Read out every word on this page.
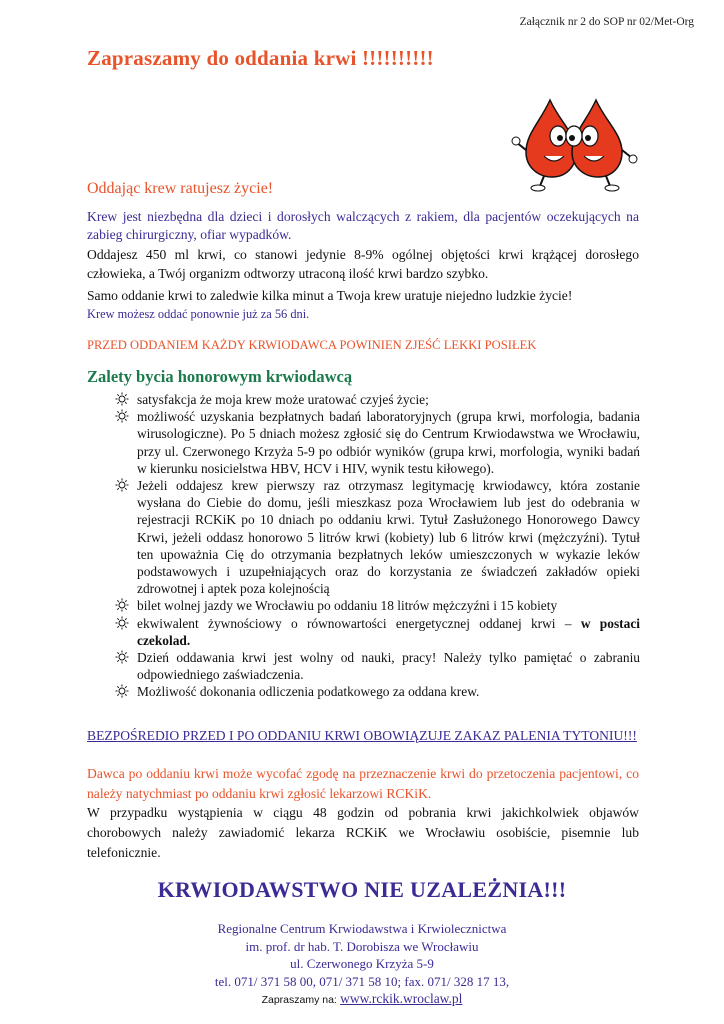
Załącznik nr 2 do SOP nr 02/Met-Org
Zapraszamy do oddania krwi !!!!!!!!!!
Oddając krew ratujesz życie!
Krew jest niezbędna dla dzieci i dorosłych walczących z rakiem, dla pacjentów oczekujących na zabieg chirurgiczny, ofiar wypadków.
Oddajesz 450 ml krwi, co stanowi jedynie 8-9% ogólnej objętości krwi krążącej dorosłego człowieka, a Twój organizm odtworzy utraconą ilość krwi bardzo szybko.
Samo oddanie krwi to zaledwie kilka minut a Twoja krew uratuje niejedno ludzkie życie!
Krew możesz oddać ponownie już za 56 dni.
PRZED ODDANIEM KAŻDY KRWIODAWCA POWINIEN ZJEŚĆ LEKKI POSIŁEK
Zalety bycia honorowym krwiodawcą
satysfakcja że moja krew może uratować czyjeś życie;
możliwość uzyskania bezpłatnych badań laboratoryjnych (grupa krwi, morfologia, badania wirusologiczne). Po 5 dniach możesz zgłosić się do Centrum Krwiodawstwa we Wrocławiu, przy ul. Czerwonego Krzyża 5-9 po odbiór wyników (grupa krwi, morfologia, wyniki badań w kierunku nosicielstwa HBV, HCV i HIV, wynik testu kiłowego).
Jeżeli oddajesz krew pierwszy raz otrzymasz legitymację krwiodawcy, która zostanie wysłana do Ciebie do domu, jeśli mieszkasz poza Wrocławiem lub jest do odebrania w rejestracji RCKiK po 10 dniach po oddaniu krwi. Tytuł Zasłużonego Honorowego Dawcy Krwi, jeżeli oddasz honorowo 5 litrów krwi (kobiety) lub 6 litrów krwi (mężczyźni). Tytuł ten upoważnia Cię do otrzymania bezpłatnych leków umieszczonych w wykazie leków podstawowych i uzupełniających oraz do korzystania ze świadczeń zakładów opieki zdrowotnej i aptek poza kolejnością
bilet wolnej jazdy we Wrocławiu po oddaniu 18 litrów mężczyźni i 15 kobiety
ekwiwalent żywnościowy o równowartości energetycznej oddanej krwi – w postaci czekolad.
Dzień oddawania krwi jest wolny od nauki, pracy! Należy tylko pamiętać o zabraniu odpowiedniego zaświadczenia.
Możliwość dokonania odliczenia podatkowego za oddana krew.
BEZPOŚREDIO PRZED I PO ODDANIU KRWI OBOWIĄZUJE ZAKAZ PALENIA TYTONIU!!!
Dawca po oddaniu krwi może wycofać zgodę na przeznaczenie krwi do przetoczenia pacjentowi, co należy natychmiast po oddaniu krwi zgłosić lekarzowi RCKiK.
W przypadku wystąpienia w ciągu 48 godzin od pobrania krwi jakichkolwiek objawów chorobowych należy zawiadomić lekarza RCKiK we Wrocławiu osobiście, pisemnie lub telefonicznie.
KRWIODAWSTWO NIE UZALEŻNIA!!!
Regionalne Centrum Krwiodawstwa i Krwiolecznictwa
im. prof. dr hab. T. Dorobisza we Wrocławiu
ul. Czerwonego Krzyża 5-9
tel. 071/ 371 58 00, 071/ 371 58 10; fax. 071/ 328 17 13,
Zapraszamy na: www.rckik.wroclaw.pl
